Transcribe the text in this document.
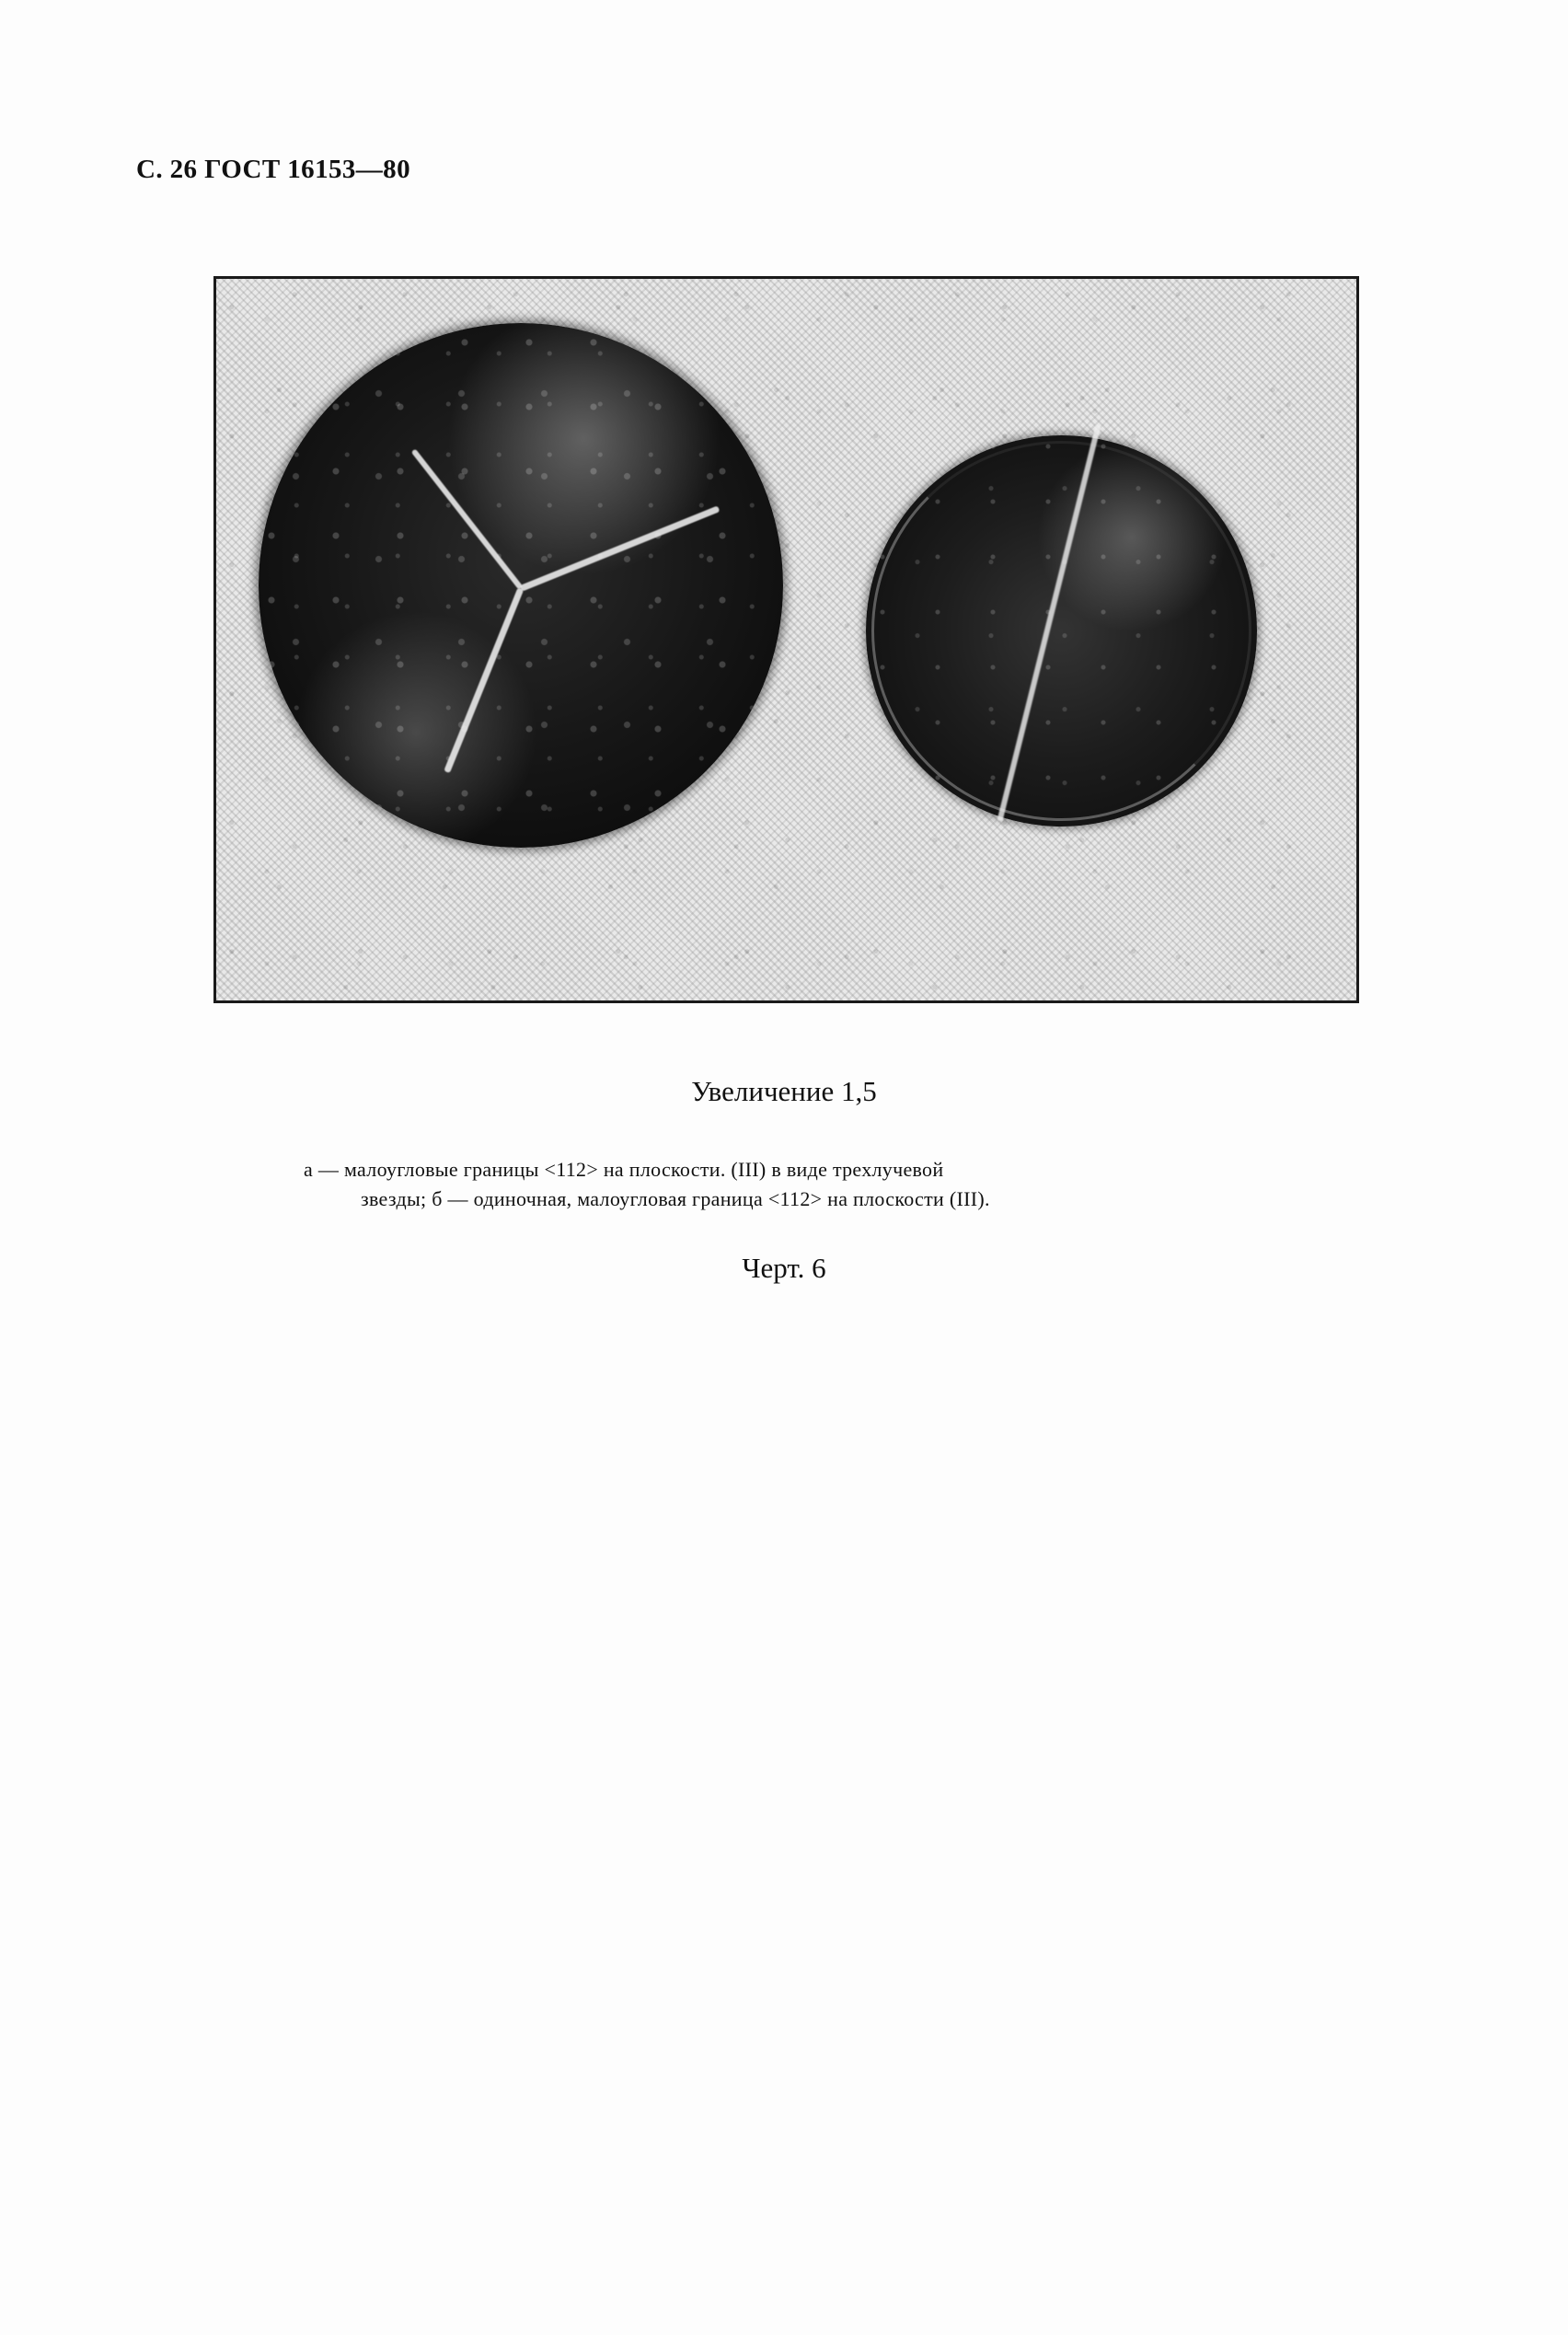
С. 26 ГОСТ 16153—80
Увеличение 1,5
а — малоугловые границы <112> на плоскости. (III) в виде трехлучевой
звезды; б — одиночная, малоугловая граница <112> на плоскости (III).
Черт. 6
